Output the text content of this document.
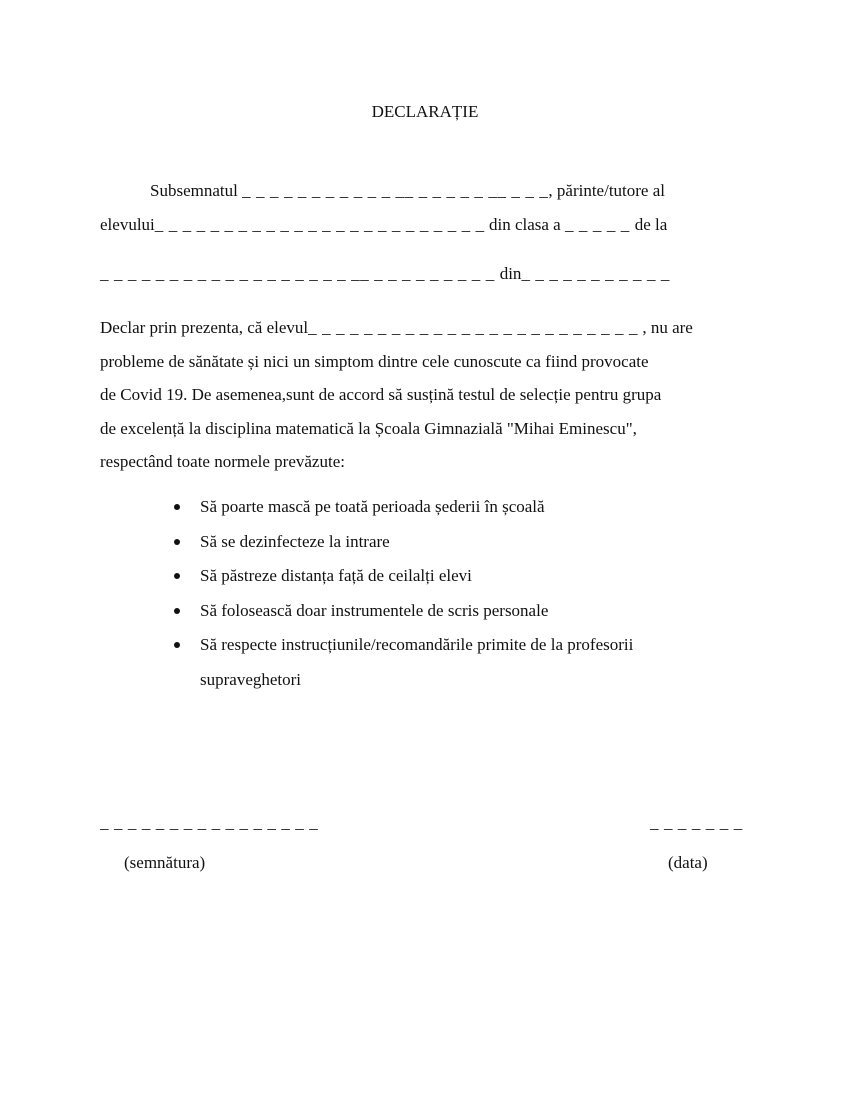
DECLARAȚIE
Subsemnatul _ _ _ _ _ _ _ _ _ _ _ __ _ _ _ _ _ __ _ _ _, părinte/tutore al
elevului_ _ _ _ _ _ _ _ _ _ _ _ _ _ _ _ _ _ _ _ _ _ _ _ din clasa a _ _ _ _ _ de la
_ _ _ _ _ _ _ _ _ _ _ _ _ _ _ _ _ _ __ _ _ _ _ _ _ _ _ _ din_ _ _ _ _ _ _ _ _ _ _
Declar prin prezenta, că elevul_ _ _ _ _ _ _ _ _ _ _ _ _ _ _ _ _ _ _ _ _ _ _ _ , nu are
probleme de sănătate și nici un simptom dintre cele cunoscute ca fiind provocate
de Covid 19. De asemenea,sunt de accord să susțină testul de selecție pentru grupa
de excelență la disciplina matematică la Școala Gimnazială "Mihai Eminescu",
respectând toate normele prevăzute:
Să poarte mască pe toată perioada șederii în școală
Să se dezinfecteze la intrare
Să păstreze distanța față de ceilalți elevi
Să folosească doar instrumentele de scris personale
Să respecte instrucțiunile/recomandările primite de la profesorii supraveghetori
_ _ _ _ _ _ _ _ _ _ _ _ _ _ _ _	_ _ _ _ _ _ _
(semnătura)	(data)
